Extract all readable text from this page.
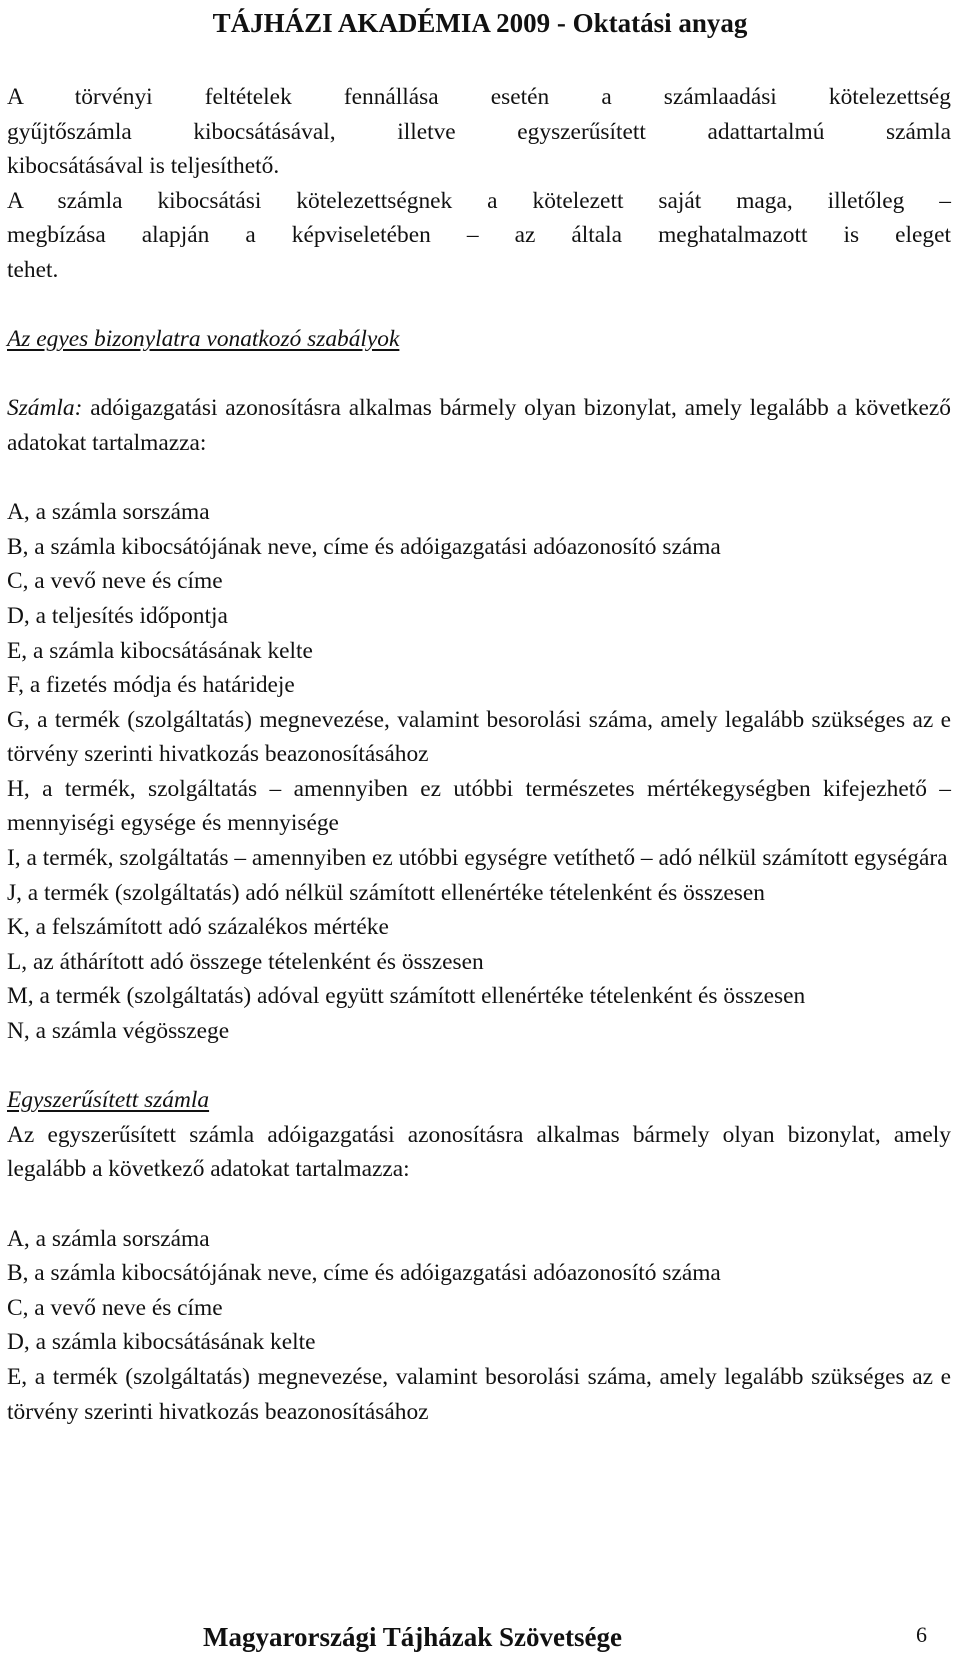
TÁJHÁZI AKADÉMIA 2009 - Oktatási anyag

A törvényi feltételek fennállása esetén a számlaadási kötelezettség

gyűjtőszámla kibocsátásával, illetve egyszerűsített adattartalmú számla

kibocsátásával is teljesíthető.

A számla kibocsátási kötelezettségnek a kötelezett saját maga, illetőleg –

megbízása alapján a képviseletében – az általa meghatalmazott is eleget

tehet.

Az egyes bizonylatra vonatkozó szabályok

Számla: adóigazgatási azonosításra alkalmas bármely olyan bizonylat, amely legalább a következő adatokat tartalmazza:

A, a számla sorszáma

B, a számla kibocsátójának neve, címe és adóigazgatási adóazonosító száma

C, a vevő neve és címe

D, a teljesítés időpontja

E, a számla kibocsátásának kelte

F, a fizetés módja és határideje

G, a termék (szolgáltatás) megnevezése, valamint besorolási száma, amely legalább szükséges az e törvény szerinti hivatkozás beazonosításához

H, a termék, szolgáltatás – amennyiben ez utóbbi természetes mértékegységben kifejezhető – mennyiségi egysége és mennyisége

I, a termék, szolgáltatás – amennyiben ez utóbbi egységre vetíthető – adó nélkül számított egységára

J, a termék (szolgáltatás) adó nélkül számított ellenértéke tételenként és összesen

K, a felszámított adó százalékos mértéke

L, az áthárított adó összege tételenként és összesen

M, a termék (szolgáltatás) adóval együtt számított ellenértéke tételenként és összesen

N, a számla végösszege

Egyszerűsített számla

Az egyszerűsített számla adóigazgatási azonosításra alkalmas bármely olyan bizonylat, amely legalább a következő adatokat tartalmazza:

A, a számla sorszáma

B, a számla kibocsátójának neve, címe és adóigazgatási adóazonosító száma

C, a vevő neve és címe

D, a számla kibocsátásának kelte

E, a termék (szolgáltatás) megnevezése, valamint besorolási száma, amely legalább szükséges az e törvény szerinti hivatkozás beazonosításához

Magyarországi Tájházak Szövetsége	6
